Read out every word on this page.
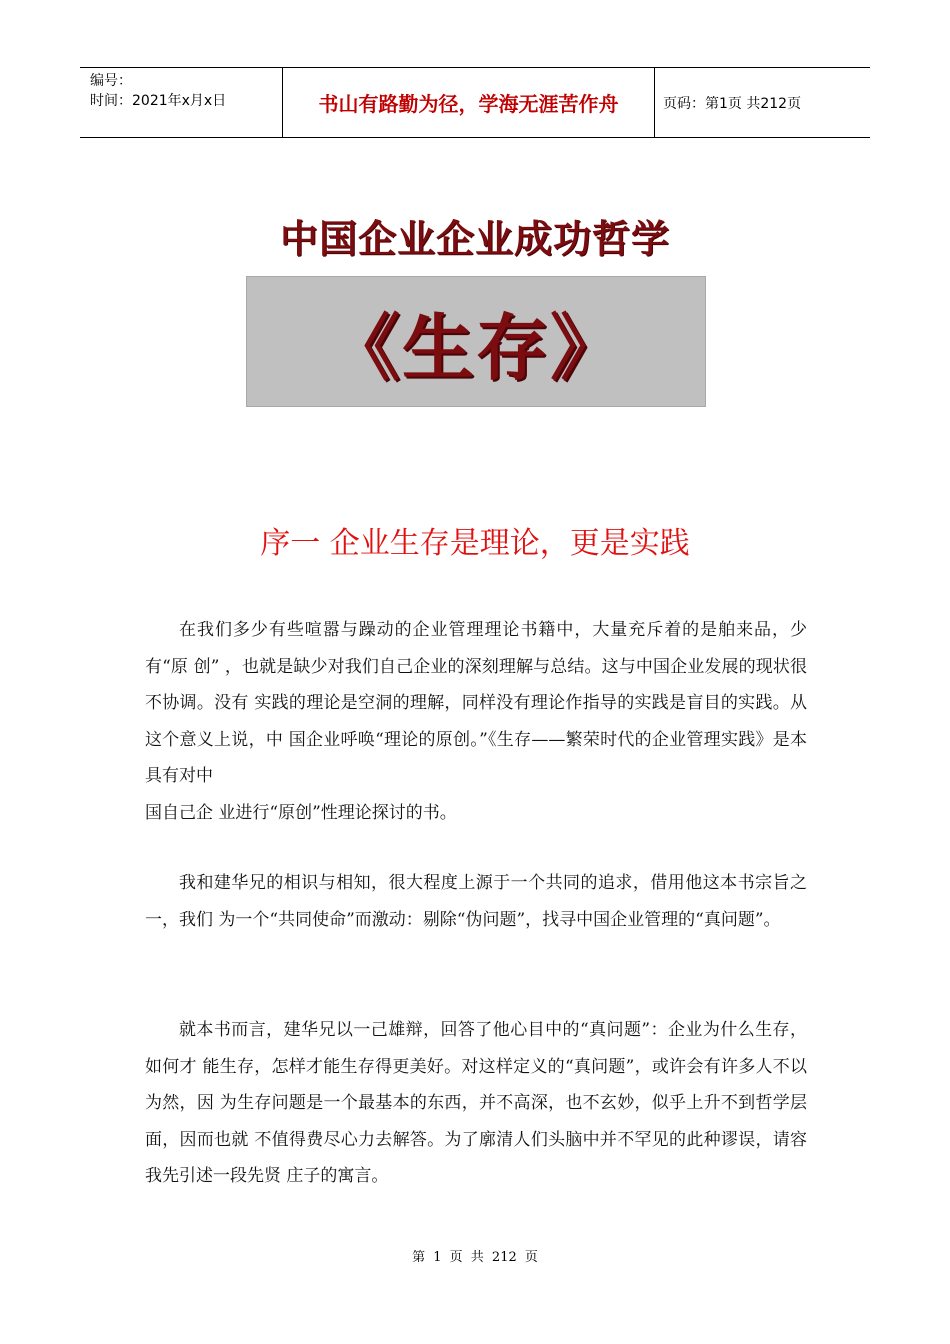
编号：
时间：2021年x月x日	书山有路勤为径，学海无涯苦作舟	页码：第1页 共212页
中国企业企业成功哲学
《生存》
序一 企业生存是理论，更是实践

在我们多少有些喧嚣与躁动的企业管理理论书籍中，大量充斥着的是舶来品，少有“原 创” ，也就是缺少对我们自己企业的深刻理解与总结。这与中国企业发展的现状很不协调。没有 实践的理论是空洞的理解，同样没有理论作指导的实践是盲目的实践。从这个意义上说，中 国企业呼唤“理论的原创。”《生存——繁荣时代的企业管理实践》是本具有对中

国自己企 业进行“原创”性理论探讨的书。

我和建华兄的相识与相知，很大程度上源于一个共同的追求，借用他这本书宗旨之一，我们 为一个“共同使命”而激动：剔除“伪问题”，找寻中国企业管理的“真问题”。

就本书而言，建华兄以一己雄辩，回答了他心目中的“真问题”：企业为什么生存，如何才 能生存，怎样才能生存得更美好。对这样定义的“真问题”，或许会有许多人不以为然，因 为生存问题是一个最基本的东西，并不高深，也不玄妙，似乎上升不到哲学层面，因而也就 不值得费尽心力去解答。为了廓清人们头脑中并不罕见的此种谬误，请容我先引述一段先贤 庄子的寓言。

第 1 页 共 212 页
